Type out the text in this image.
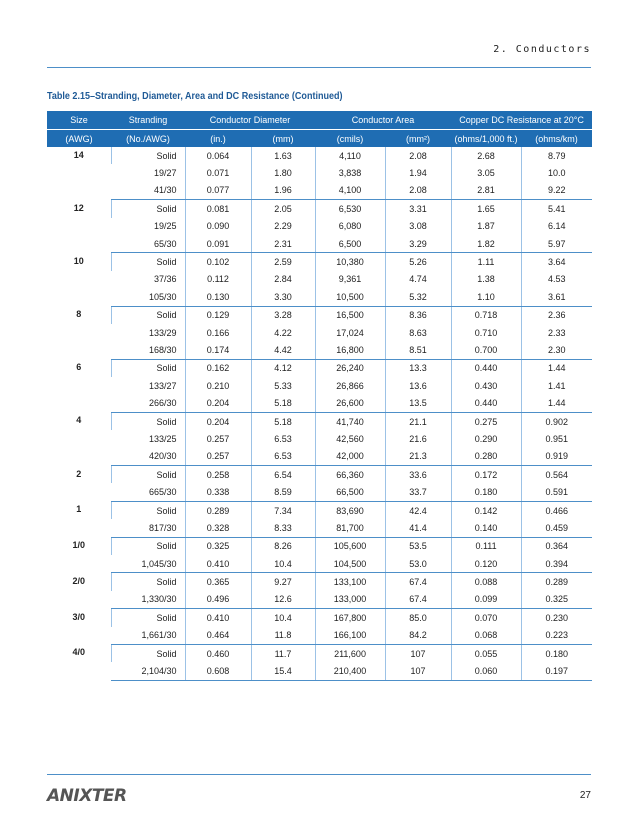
2. Conductors
Table 2.15–Stranding, Diameter, Area and DC Resistance (Continued)
Size	Stranding	Conductor Diameter		Conductor Area		Copper DC Resistance at 20°C	
(AWG)	(No./AWG)	(in.)	(mm)	(cmils)	(mm²)	(ohms/1,000 ft.)	(ohms/km)
14	Solid	0.064	1.63	4,110	2.08	2.68	8.79
	19/27	0.071	1.80	3,838	1.94	3.05	10.0
	41/30	0.077	1.96	4,100	2.08	2.81	9.22
12	Solid	0.081	2.05	6,530	3.31	1.65	5.41
	19/25	0.090	2.29	6,080	3.08	1.87	6.14
	65/30	0.091	2.31	6,500	3.29	1.82	5.97
10	Solid	0.102	2.59	10,380	5.26	1.11	3.64
	37/36	0.112	2.84	9,361	4.74	1.38	4.53
	105/30	0.130	3.30	10,500	5.32	1.10	3.61
8	Solid	0.129	3.28	16,500	8.36	0.718	2.36
	133/29	0.166	4.22	17,024	8.63	0.710	2.33
	168/30	0.174	4.42	16,800	8.51	0.700	2.30
6	Solid	0.162	4.12	26,240	13.3	0.440	1.44
	133/27	0.210	5.33	26,866	13.6	0.430	1.41
	266/30	0.204	5.18	26,600	13.5	0.440	1.44
4	Solid	0.204	5.18	41,740	21.1	0.275	0.902
	133/25	0.257	6.53	42,560	21.6	0.290	0.951
	420/30	0.257	6.53	42,000	21.3	0.280	0.919
2	Solid	0.258	6.54	66,360	33.6	0.172	0.564
	665/30	0.338	8.59	66,500	33.7	0.180	0.591
1	Solid	0.289	7.34	83,690	42.4	0.142	0.466
	817/30	0.328	8.33	81,700	41.4	0.140	0.459
1/0	Solid	0.325	8.26	105,600	53.5	0.111	0.364
	1,045/30	0.410	10.4	104,500	53.0	0.120	0.394
2/0	Solid	0.365	9.27	133,100	67.4	0.088	0.289
	1,330/30	0.496	12.6	133,000	67.4	0.099	0.325
3/0	Solid	0.410	10.4	167,800	85.0	0.070	0.230
	1,661/30	0.464	11.8	166,100	84.2	0.068	0.223
4/0	Solid	0.460	11.7	211,600	107	0.055	0.180
	2,104/30	0.608	15.4	210,400	107	0.060	0.197
ANIXTER	27
